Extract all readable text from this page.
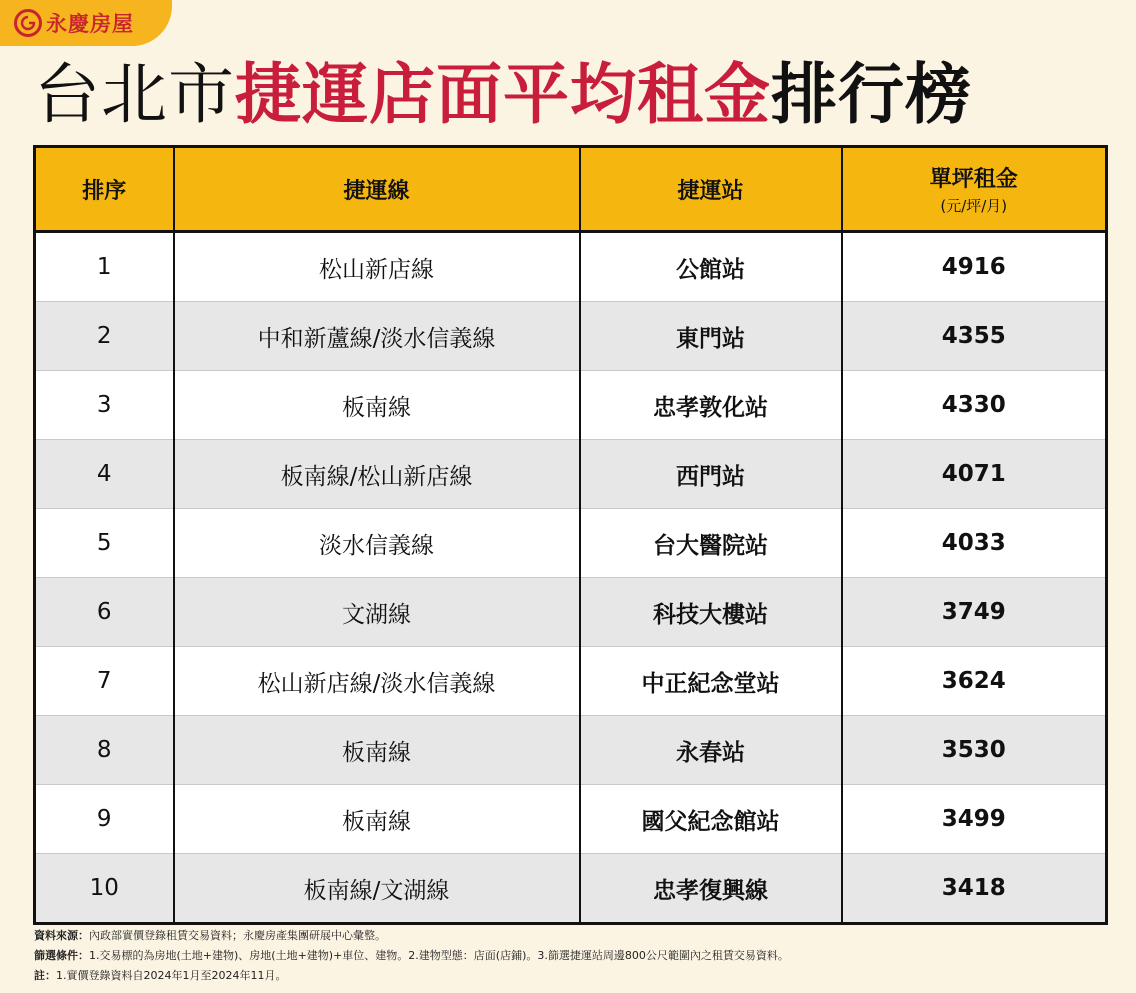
永慶房屋
台北市捷運店面平均租金排行榜
排序	捷運線	捷運站	單坪租金
(元/坪/月)

1	松山新店線	公館站	4916
2	中和新蘆線/淡水信義線	東門站	4355
3	板南線	忠孝敦化站	4330
4	板南線/松山新店線	西門站	4071
5	淡水信義線	台大醫院站	4033
6	文湖線	科技大樓站	3749
7	松山新店線/淡水信義線	中正紀念堂站	3624
8	板南線	永春站	3530
9	板南線	國父紀念館站	3499
10	板南線/文湖線	忠孝復興線	3418
資料來源：內政部實價登錄租賃交易資料；永慶房產集團研展中心彙整。
篩選條件：1.交易標的為房地(土地+建物)、房地(土地+建物)+車位、建物。2.建物型態：店面(店鋪)。3.篩選捷運站周邊800公尺範圍內之租賃交易資料。
註：1.實價登錄資料自2024年1月至2024年11月。
